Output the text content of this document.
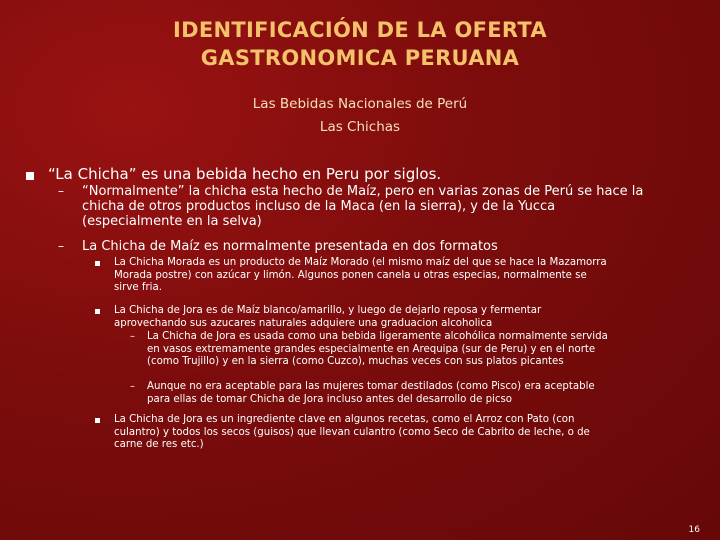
IDENTIFICACIÓN DE LA OFERTA
GASTRONOMICA PERUANA
Las Bebidas Nacionales de Perú
Las Chichas
“La Chicha” es una bebida hecho en Peru por siglos.
– “Normalmente” la chicha esta hecho de Maíz, pero en varias zonas de Perú se hace la
chicha de otros productos incluso de la Maca (en la sierra), y de la Yucca
(especialmente en la selva)
– La Chicha de Maíz es normalmente presentada en dos formatos
La Chicha Morada es un producto de Maíz Morado (el mismo maíz del que se hace la Mazamorra
Morada postre) con azúcar y limón. Algunos ponen canela u otras especias, normalmente se
sirve fria.
La Chicha de Jora es de Maíz blanco/amarillo, y luego de dejarlo reposa y fermentar
aprovechando sus azucares naturales adquiere una graduacion alcoholica
– La Chicha de Jora es usada como una bebida ligeramente alcohólica normalmente servida
en vasos extremamente grandes especialmente en Arequipa (sur de Peru) y en el norte
(como Trujillo) y en la sierra (como Cuzco), muchas veces con sus platos picantes
– Aunque no era aceptable para las mujeres tomar destilados (como Pisco) era aceptable
para ellas de tomar Chicha de Jora incluso antes del desarrollo de picso
La Chicha de Jora es un ingrediente clave en algunos recetas, como el Arroz con Pato (con
culantro) y todos los secos (guisos) que llevan culantro (como Seco de Cabrito de leche, o de
carne de res etc.)
16
